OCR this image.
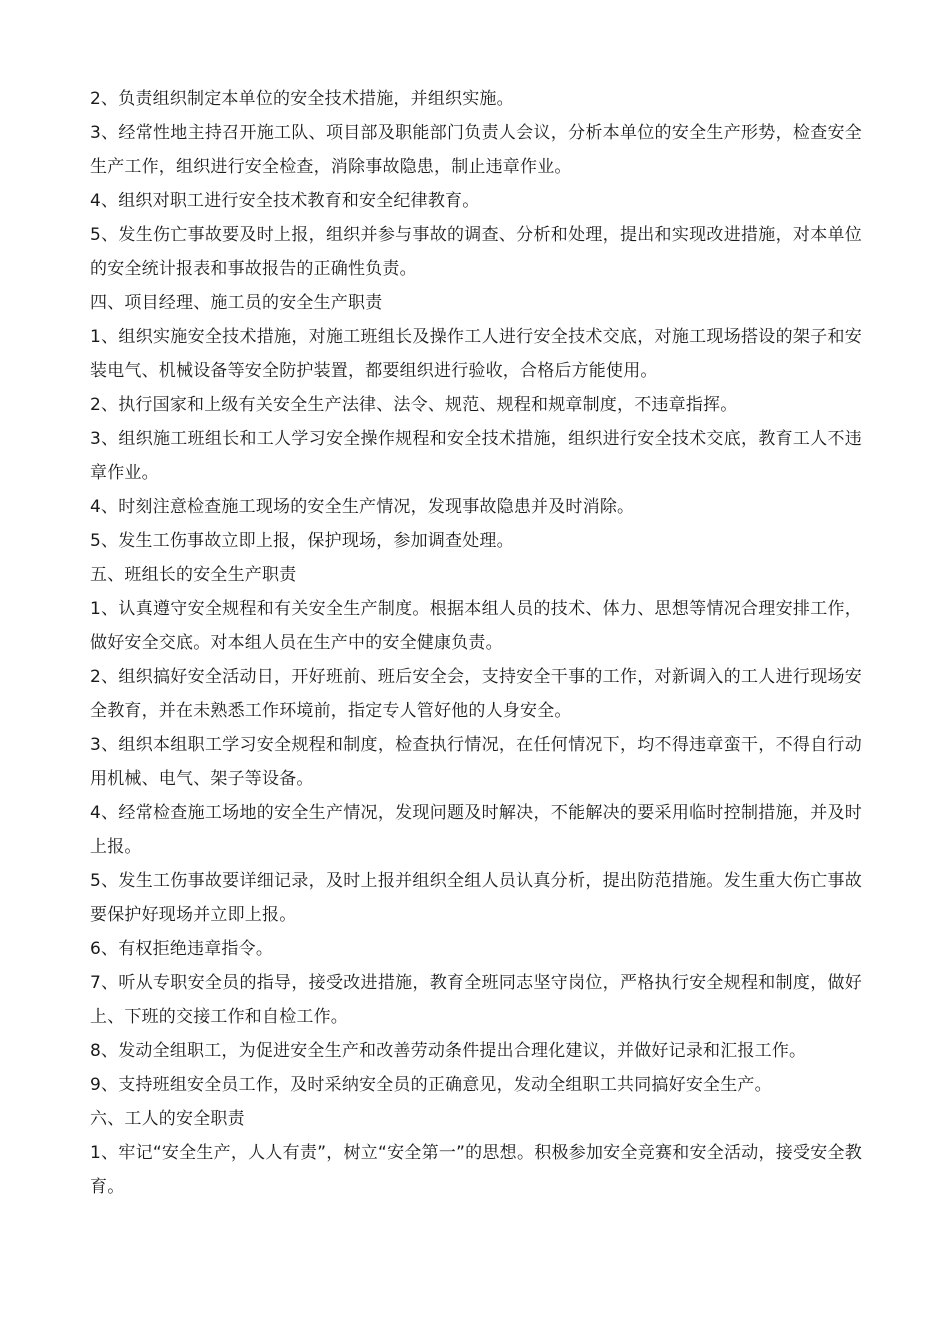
2、负责组织制定本单位的安全技术措施，并组织实施。

3、经常性地主持召开施工队、项目部及职能部门负责人会议，分析本单位的安全生产形势，检查安全生产工作，组织进行安全检查，消除事故隐患，制止违章作业。

4、组织对职工进行安全技术教育和安全纪律教育。

5、发生伤亡事故要及时上报，组织并参与事故的调查、分析和处理，提出和实现改进措施，对本单位的安全统计报表和事故报告的正确性负责。

四、项目经理、施工员的安全生产职责

1、组织实施安全技术措施，对施工班组长及操作工人进行安全技术交底，对施工现场搭设的架子和安装电气、机械设备等安全防护装置，都要组织进行验收，合格后方能使用。

2、执行国家和上级有关安全生产法律、法令、规范、规程和规章制度，不违章指挥。

3、组织施工班组长和工人学习安全操作规程和安全技术措施，组织进行安全技术交底，教育工人不违章作业。

4、时刻注意检查施工现场的安全生产情况，发现事故隐患并及时消除。

5、发生工伤事故立即上报，保护现场，参加调查处理。

五、班组长的安全生产职责

1、认真遵守安全规程和有关安全生产制度。根据本组人员的技术、体力、思想等情况合理安排工作，做好安全交底。对本组人员在生产中的安全健康负责。

2、组织搞好安全活动日，开好班前、班后安全会，支持安全干事的工作，对新调入的工人进行现场安全教育，并在未熟悉工作环境前，指定专人管好他的人身安全。

3、组织本组职工学习安全规程和制度，检查执行情况，在任何情况下，均不得违章蛮干，不得自行动用机械、电气、架子等设备。

4、经常检查施工场地的安全生产情况，发现问题及时解决，不能解决的要采用临时控制措施，并及时上报。

5、发生工伤事故要详细记录，及时上报并组织全组人员认真分析，提出防范措施。发生重大伤亡事故要保护好现场并立即上报。

6、有权拒绝违章指令。

7、听从专职安全员的指导，接受改进措施，教育全班同志坚守岗位，严格执行安全规程和制度，做好上、下班的交接工作和自检工作。

8、发动全组职工，为促进安全生产和改善劳动条件提出合理化建议，并做好记录和汇报工作。

9、支持班组安全员工作，及时采纳安全员的正确意见，发动全组职工共同搞好安全生产。

六、工人的安全职责

1、牢记“安全生产，人人有责”，树立“安全第一”的思想。积极参加安全竞赛和安全活动，接受安全教育。
